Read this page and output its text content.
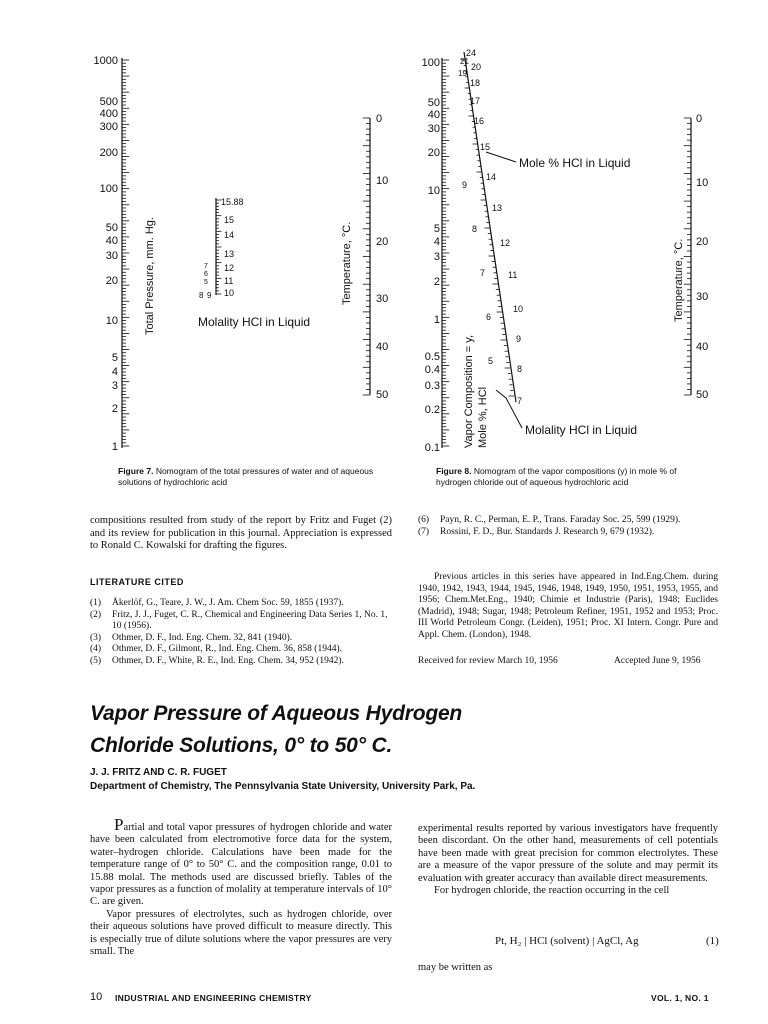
1000
500
400
300
200
100
50
40
30
20
10
5
4
3
2
1
Total Pressure, mm. Hg.
15.88
15
14
13
12
11
10
9
8
7
6
5
Molality HCl in Liquid
0
10
20
30
40
50
Temperature, °C.
Figure 7. Nomogram of the total pressures of water and of aqueous solutions of hydrochloric acid
100
50
40
30
20
10
5
4
3
2
1
0.5
0.4
0.3
0.2
0.1 Vapor Composition = y, Mole %, HCl
24
21
20
19
18
17
16
15
14
13
12
11
10
9
8
7
9
8
7
6
5
Mole % HCl in Liquid
Molality HCl in Liquid
0
10
20
30
40
50
Temperature, °C.
Figure 8. Nomogram of the vapor compositions (y) in mole % of hydrogen chloride out of aqueous hydrochloric acid
compositions resulted from study of the report by Fritz and Fuget (2) and its review for publication in this journal. Appreciation is expressed to Ronald C. Kowalski for drafting the figures.
LITERATURE CITED
(1) Åkerlöf, G., Teare, J. W., J. Am. Chem Soc. 59, 1855 (1937).
(2) Fritz, J. J., Fuget, C. R., Chemical and Engineering Data Series 1, No. 1, 10 (1956).
(3) Othmer, D. F., Ind. Eng. Chem. 32, 841 (1940).
(4) Othmer, D. F., Gilmont, R., Ind. Eng. Chem. 36, 858 (1944).
(5) Othmer, D. F., White, R. E., Ind. Eng. Chem. 34, 952 (1942).
(6) Payn, R. C., Perman, E. P., Trans. Faraday Soc. 25, 599 (1929).
(7) Rossini, F. D., Bur. Standards J. Research 9, 679 (1932).
Previous articles in this series have appeared in Ind.Eng.Chem. during 1940, 1942, 1943, 1944, 1945, 1946, 1948, 1949, 1950, 1951, 1953, 1955, and 1956; Chem.Met.Eng., 1940; Chimie et Industrie (Paris), 1948; Euclides (Madrid), 1948; Sugar, 1948; Petroleum Refiner, 1951, 1952 and 1953; Proc. III World Petroleum Congr. (Leiden), 1951; Proc. XI Intern. Congr. Pure and Appl. Chem. (London), 1948.
Received for review March 10, 1956	Accepted June 9, 1956
Vapor Pressure of Aqueous Hydrogen
Chloride Solutions, 0° to 50° C.
J. J. FRITZ AND C. R. FUGET
Department of Chemistry, The Pennsylvania State University, University Park, Pa.

Partial and total vapor pressures of hydrogen chloride and water have been calculated from electromotive force data for the system, water–hydrogen chloride. Calculations have been made for the temperature range of 0° to 50° C. and the composition range, 0.01 to 15.88 molal. The methods used are discussed briefly. Tables of the vapor pressures as a function of molality at temperature intervals of 10° C. are given.

Vapor pressures of electrolytes, such as hydrogen chloride, over their aqueous solutions have proved difficult to measure directly. This is especially true of dilute solutions where the vapor pressures are very small. The

experimental results reported by various investigators have frequently been discordant. On the other hand, measurements of cell potentials have been made with great precision for common electrolytes. These are a measure of the vapor pressure of the solute and may permit its evaluation with greater accuracy than available direct measurements.

For hydrogen chloride, the reaction occurring in the cell

Pt, H₂ | HCl (solvent) | AgCl, Ag	(1)
may be written as
10 INDUSTRIAL AND ENGINEERING CHEMISTRY	VOL. 1, NO. 1
